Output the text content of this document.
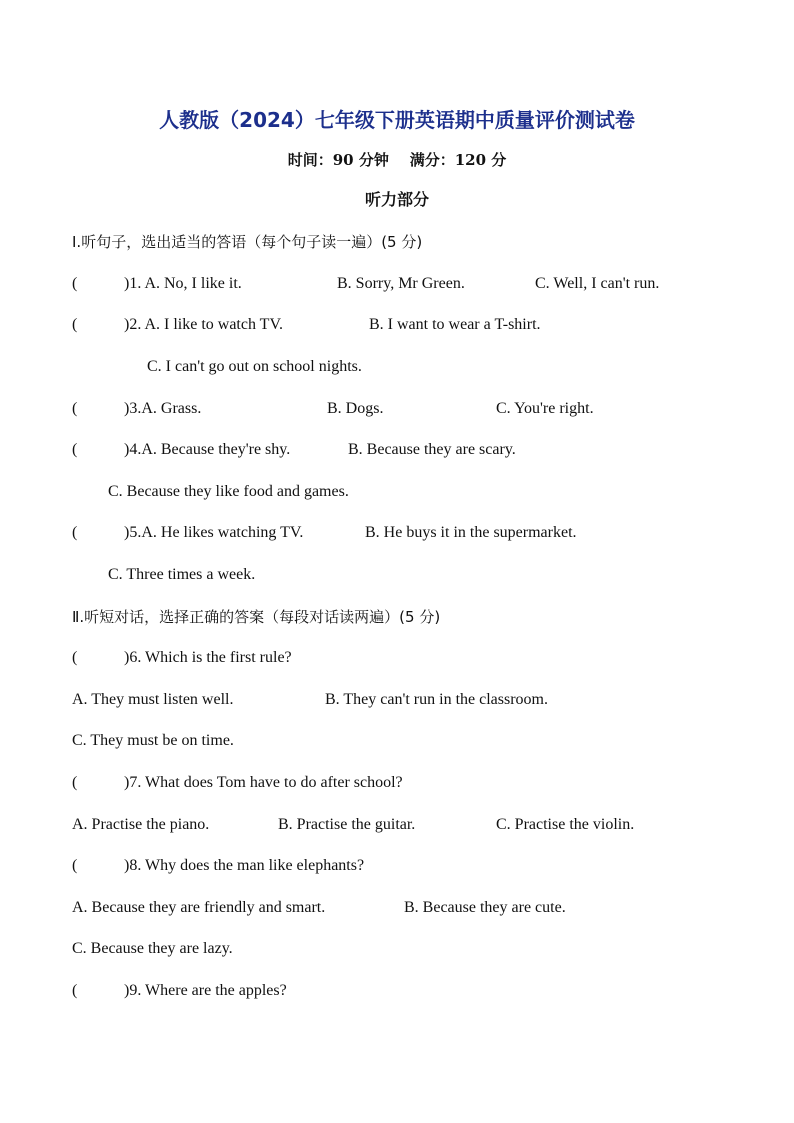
人教版（2024）七年级下册英语期中质量评价测试卷
时间：90 分钟 满分：120 分
听力部分
I.听句子，选出适当的答语（每个句子读一遍）(5 分)
(	)1. A. No, I like it.	B. Sorry, Mr Green.	C. Well, I can't run.
(	)2. A. I like to watch TV.	B. I want to wear a T-shirt.
C. I can't go out on school nights.
(	)3.A. Grass.	B. Dogs.	C. You're right.
(	)4.A. Because they're shy.	B. Because they are scary.
C. Because they like food and games.
(	)5.A. He likes watching TV.	B. He buys it in the supermarket.
C. Three times a week.
Ⅱ.听短对话，选择正确的答案（每段对话读两遍）(5 分)
(	)6. Which is the first rule?
A. They must listen well.	B. They can't run in the classroom.
C. They must be on time.
(	)7. What does Tom have to do after school?
A. Practise the piano.	B. Practise the guitar.	C. Practise the violin.
(	)8. Why does the man like elephants?
A. Because they are friendly and smart.	B. Because they are cute.
C. Because they are lazy.
(	)9. Where are the apples?
